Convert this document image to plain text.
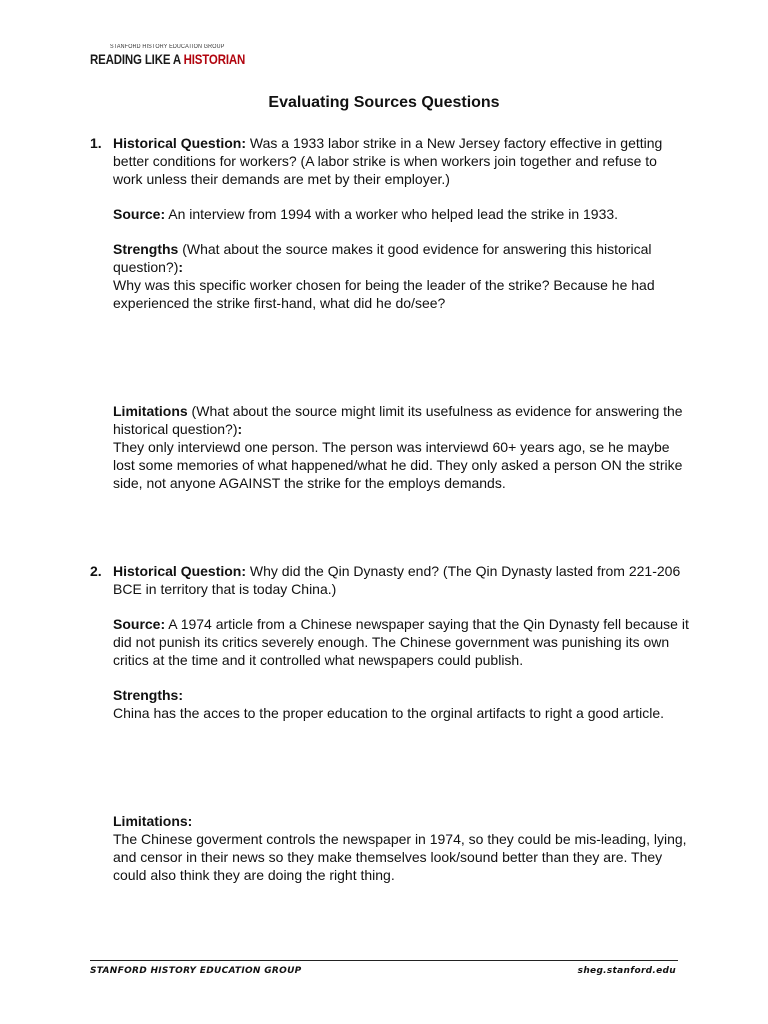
STANFORD HISTORY EDUCATION GROUP
READING LIKE A HISTORIAN
Evaluating Sources Questions
1. Historical Question: Was a 1933 labor strike in a New Jersey factory effective in getting better conditions for workers? (A labor strike is when workers join together and refuse to work unless their demands are met by their employer.)

Source: An interview from 1994 with a worker who helped lead the strike in 1933.

Strengths (What about the source makes it good evidence for answering this historical question?):

Why was this specific worker chosen for being the leader of the strike? Because he had experienced the strike first-hand, what did he do/see?

Limitations (What about the source might limit its usefulness as evidence for answering the historical question?):

They only interviewd one person. The person was interviewd 60+ years ago, se he maybe lost some memories of what happened/what he did. They only asked a person ON the strike side, not anyone AGAINST the strike for the employs demands.

2. Historical Question: Why did the Qin Dynasty end? (The Qin Dynasty lasted from 221-206 BCE in territory that is today China.)

Source: A 1974 article from a Chinese newspaper saying that the Qin Dynasty fell because it did not punish its critics severely enough. The Chinese government was punishing its own critics at the time and it controlled what newspapers could publish.

Strengths:

China has the acces to the proper education to the orginal artifacts to right a good article.

Limitations:

The Chinese goverment controls the newspaper in 1974, so they could be mis-leading, lying, and censor in their news so they make themselves look/sound better than they are. They could also think they are doing the right thing.

STANFORD HISTORY EDUCATION GROUP	sheg.stanford.edu
